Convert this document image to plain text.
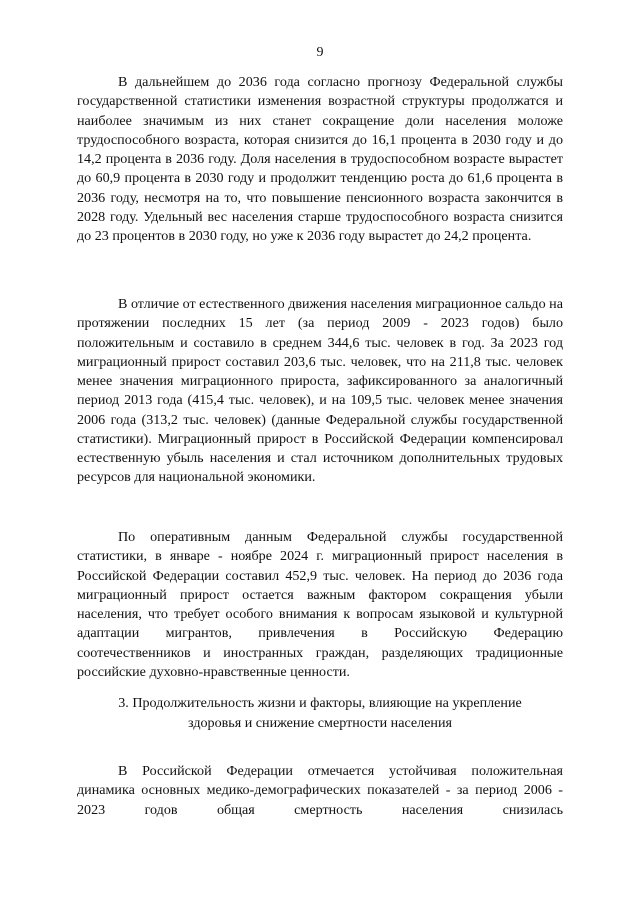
9

В дальнейшем до 2036 года согласно прогнозу Федеральной службы государственной статистики изменения возрастной структуры продолжатся и наиболее значимым из них станет сокращение доли населения моложе трудоспособного возраста, которая снизится до 16,1 процента в 2030 году и до 14,2 процента в 2036 году. Доля населения в трудоспособном возрасте вырастет до 60,9 процента в 2030 году и продолжит тенденцию роста до 61,6 процента в 2036 году, несмотря на то, что повышение пенсионного возраста закончится в 2028 году. Удельный вес населения старше трудоспособного возраста снизится до 23 процентов в 2030 году, но уже к 2036 году вырастет до 24,2 процента.

В отличие от естественного движения населения миграционное сальдо на протяжении последних 15 лет (за период 2009 - 2023 годов) было положительным и составило в среднем 344,6 тыс. человек в год. За 2023 год миграционный прирост составил 203,6 тыс. человек, что на 211,8 тыс. человек менее значения миграционного прироста, зафиксированного за аналогичный период 2013 года (415,4 тыс. человек), и на 109,5 тыс. человек менее значения 2006 года (313,2 тыс. человек) (данные Федеральной службы государственной статистики). Миграционный прирост в Российской Федерации компенсировал естественную убыль населения и стал источником дополнительных трудовых ресурсов для национальной экономики.

По оперативным данным Федеральной службы государственной статистики, в январе - ноябре 2024 г. миграционный прирост населения в Российской Федерации составил 452,9 тыс. человек. На период до 2036 года миграционный прирост остается важным фактором сокращения убыли населения, что требует особого внимания к вопросам языковой и культурной адаптации мигрантов, привлечения в Российскую Федерацию соотечественников и иностранных граждан, разделяющих традиционные российские духовно-нравственные ценности.

3. Продолжительность жизни и факторы, влияющие на укрепление
здоровья и снижение смертности населения

В Российской Федерации отмечается устойчивая положительная динамика основных медико-демографических показателей - за период 2006 - 2023 годов общая смертность населения снизилась
